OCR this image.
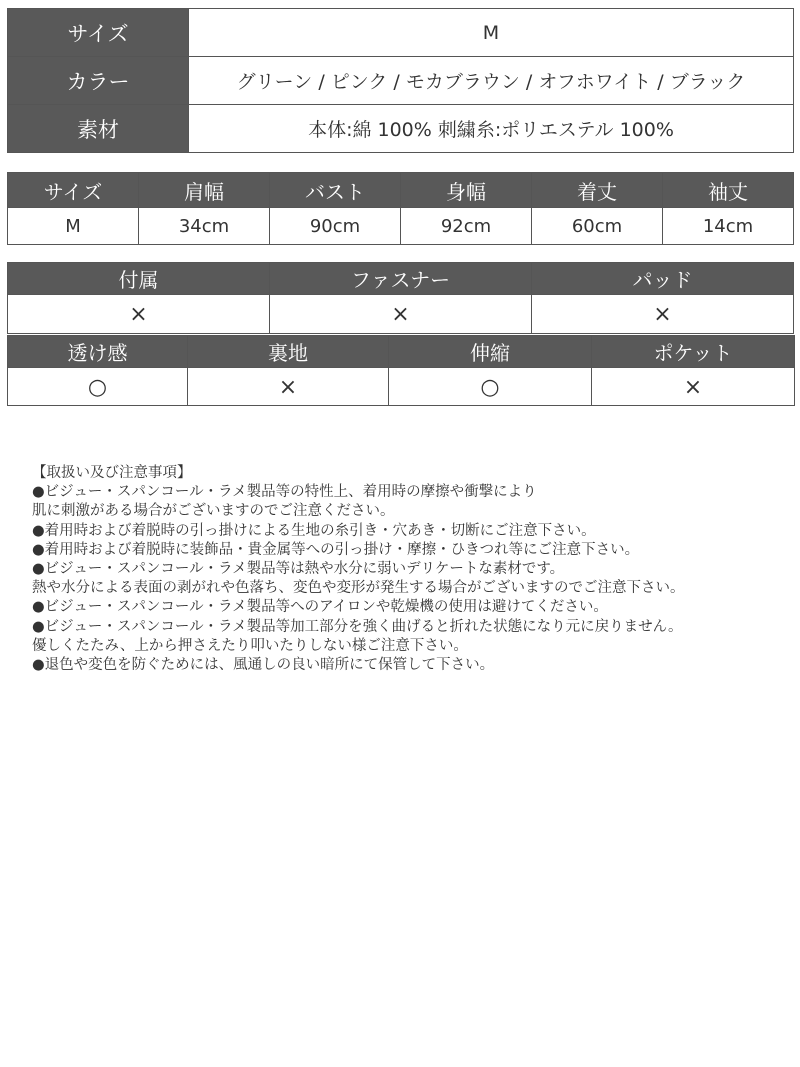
サイズ	M
カラー	グリーン / ピンク / モカブラウン / オフホワイト / ブラック
素材	本体:綿 100% 刺繍糸:ポリエステル 100%
サイズ	肩幅	バスト	身幅	着丈	袖丈
M	34cm	90cm	92cm	60cm	14cm
付属	ファスナー	パッド
×	×	×
透け感	裏地	伸縮	ポケット
○	×	○	×
【取扱い及び注意事項】
●ビジュー・スパンコール・ラメ製品等の特性上、着用時の摩擦や衝撃により
肌に刺激がある場合がございますのでご注意ください。
●着用時および着脱時の引っ掛けによる生地の糸引き・穴あき・切断にご注意下さい。
●着用時および着脱時に装飾品・貴金属等への引っ掛け・摩擦・ひきつれ等にご注意下さい。
●ビジュー・スパンコール・ラメ製品等は熱や水分に弱いデリケートな素材です。
熱や水分による表面の剥がれや色落ち、変色や変形が発生する場合がございますのでご注意下さい。
●ビジュー・スパンコール・ラメ製品等へのアイロンや乾燥機の使用は避けてください。
●ビジュー・スパンコール・ラメ製品等加工部分を強く曲げると折れた状態になり元に戻りません。
優しくたたみ、上から押さえたり叩いたりしない様ご注意下さい。
●退色や変色を防ぐためには、風通しの良い暗所にて保管して下さい。
